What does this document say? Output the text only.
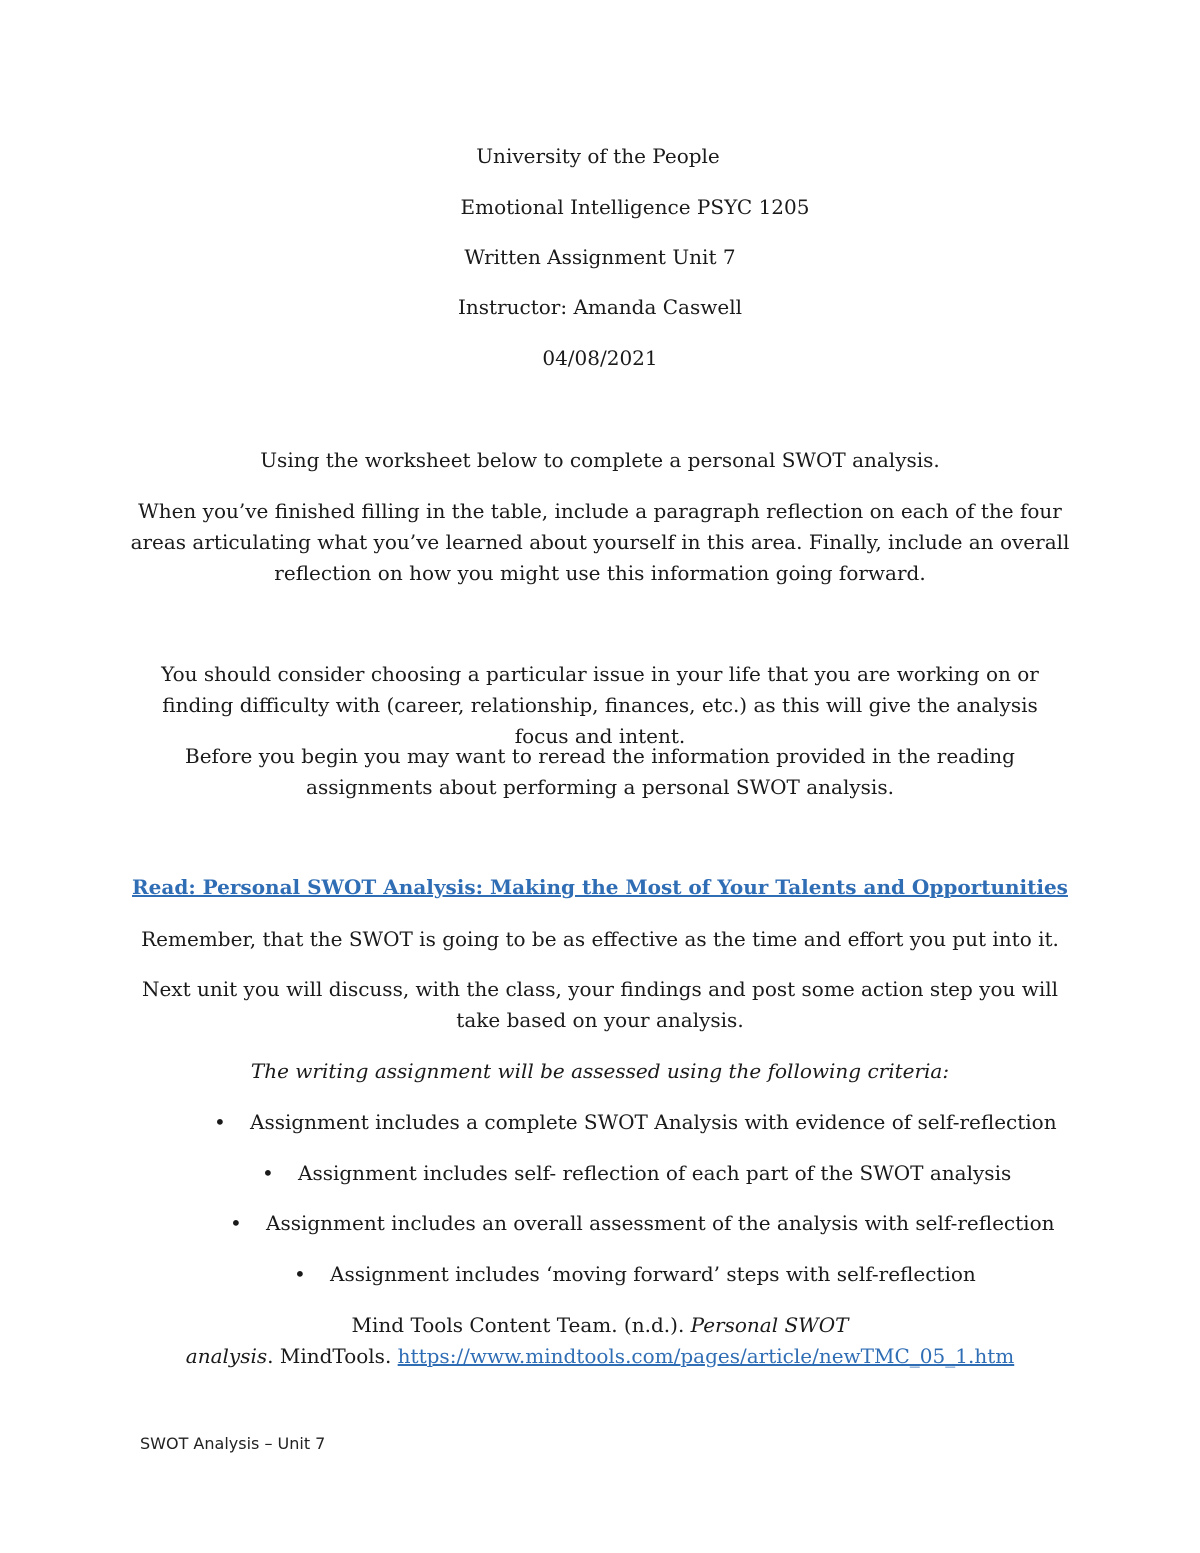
University of the People
Emotional Intelligence PSYC 1205
Written Assignment Unit 7
Instructor: Amanda Caswell
04/08/2021
Using the worksheet below to complete a personal SWOT analysis.
When you’ve finished filling in the table, include a paragraph reflection on each of the four areas articulating what you’ve learned about yourself in this area. Finally, include an overall reflection on how you might use this information going forward.
You should consider choosing a particular issue in your life that you are working on or finding difficulty with (career, relationship, finances, etc.) as this will give the analysis focus and intent.
Before you begin you may want to reread the information provided in the reading assignments about performing a personal SWOT analysis.
Read: Personal SWOT Analysis: Making the Most of Your Talents and Opportunities
Remember, that the SWOT is going to be as effective as the time and effort you put into it.
Next unit you will discuss, with the class, your findings and post some action step you will take based on your analysis.
The writing assignment will be assessed using the following criteria:
• Assignment includes a complete SWOT Analysis with evidence of self-reflection
• Assignment includes self- reflection of each part of the SWOT analysis
• Assignment includes an overall assessment of the analysis with self-reflection
• Assignment includes ‘moving forward’ steps with self-reflection
Mind Tools Content Team. (n.d.). Personal SWOT
analysis. MindTools. https://www.mindtools.com/pages/article/newTMC_05_1.htm
SWOT Analysis – Unit 7
